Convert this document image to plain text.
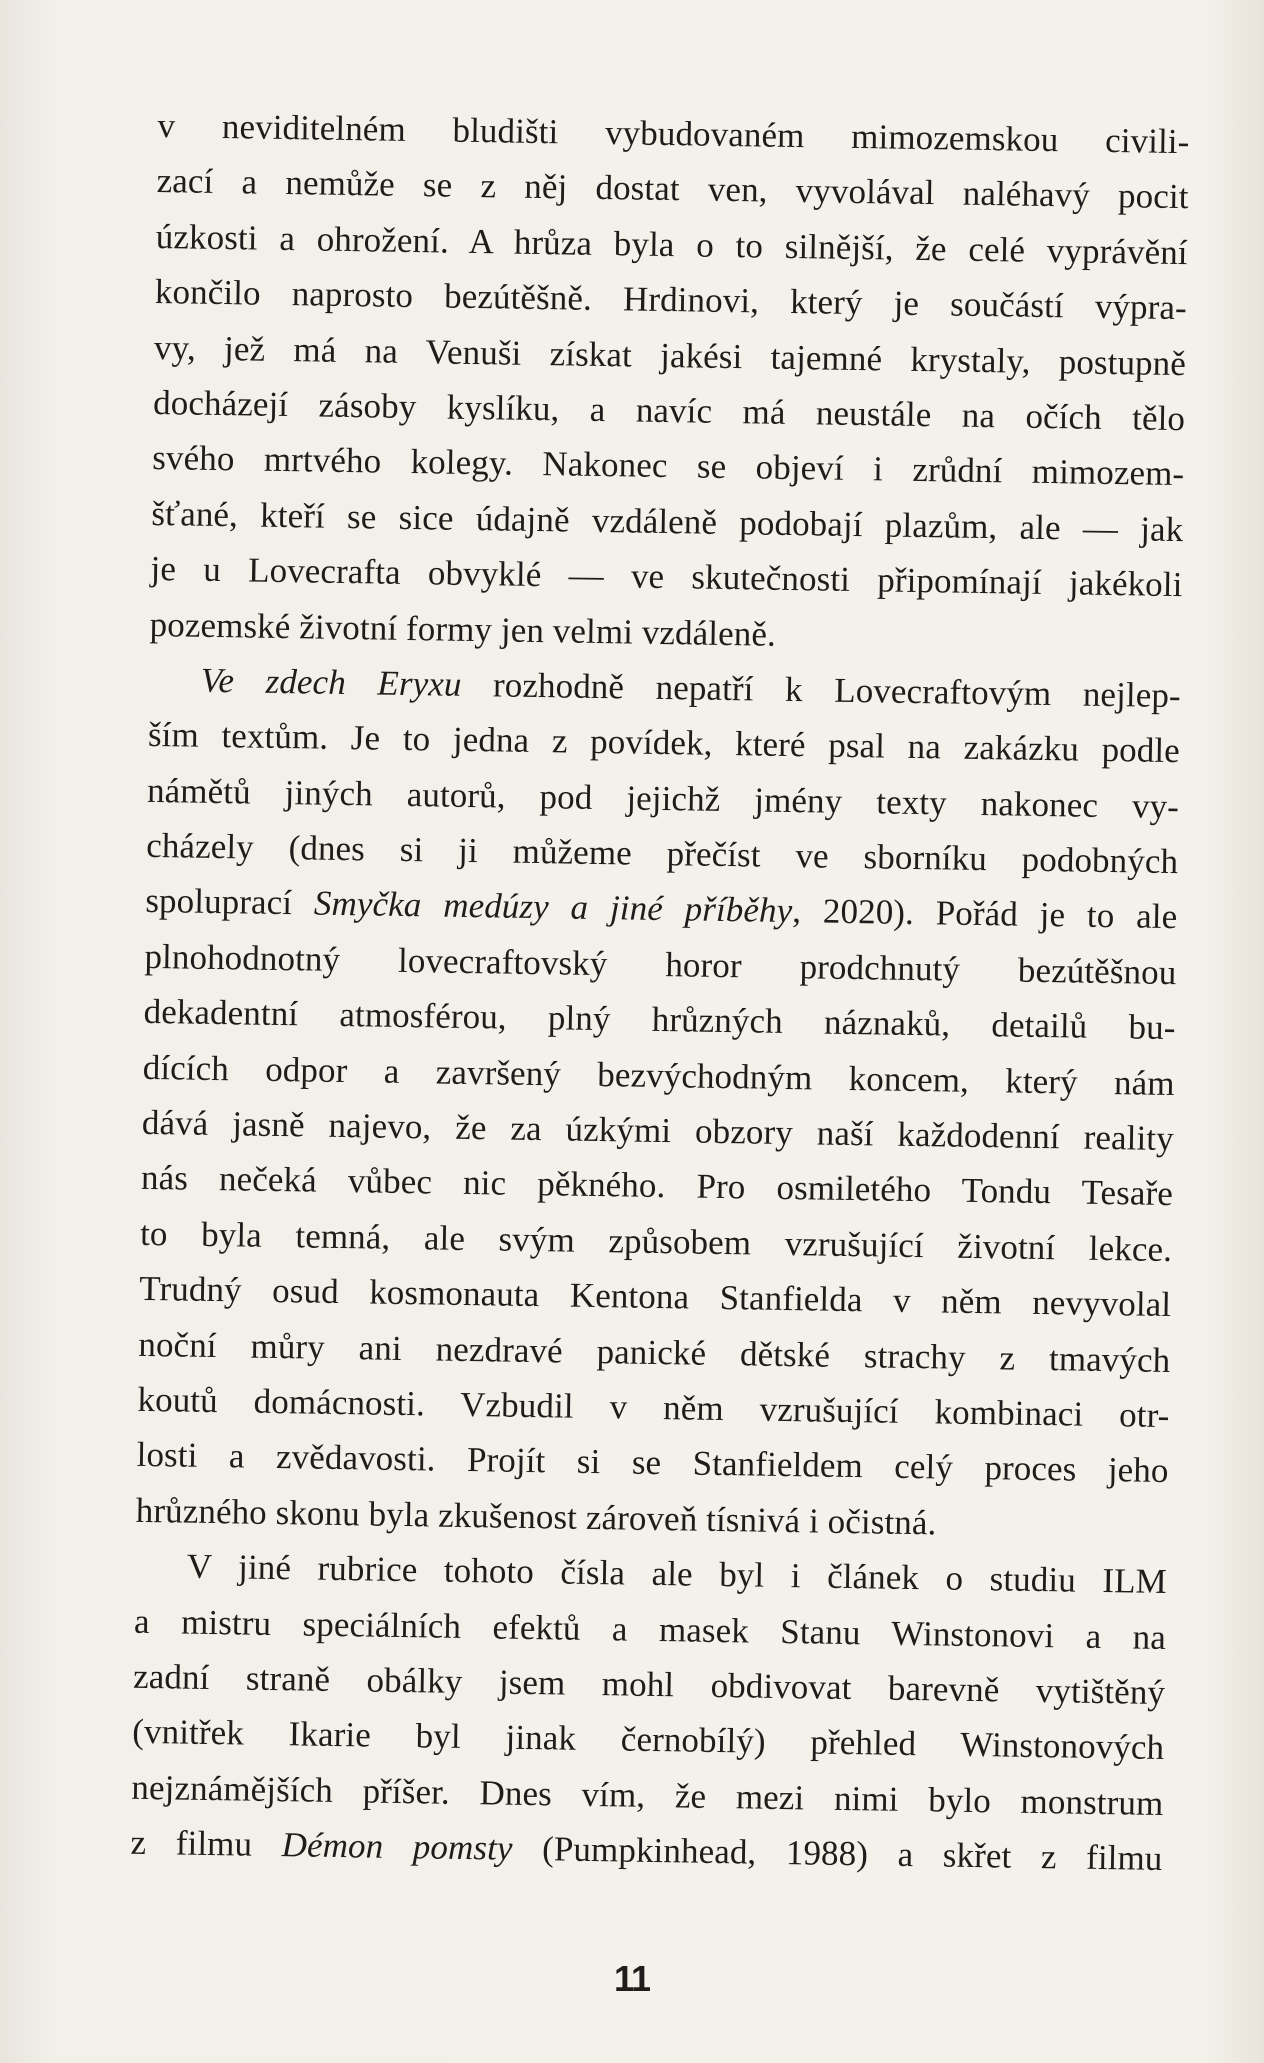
v neviditelném bludišti vybudovaném mimozemskou civili-
zací a nemůže se z něj dostat ven, vyvolával naléhavý pocit
úzkosti a ohrožení. A hrůza byla o to silnější, že celé vyprávění
končilo naprosto bezútěšně. Hrdinovi, který je součástí výpra-
vy, jež má na Venuši získat jakési tajemné krystaly, postupně
docházejí zásoby kyslíku, a navíc má neustále na očích tělo
svého mrtvého kolegy. Nakonec se objeví i zrůdní mimozem-
šťané, kteří se sice údajně vzdáleně podobají plazům, ale — jak
je u Lovecrafta obvyklé — ve skutečnosti připomínají jakékoli
pozemské životní formy jen velmi vzdáleně.
Ve zdech Eryxu rozhodně nepatří k Lovecraftovým nejlep-
ším textům. Je to jedna z povídek, které psal na zakázku podle
námětů jiných autorů, pod jejichž jmény texty nakonec vy-
cházely (dnes si ji můžeme přečíst ve sborníku podobných
spoluprací Smyčka medúzy a jiné příběhy, 2020). Pořád je to ale
plnohodnotný lovecraftovský horor prodchnutý bezútěšnou
dekadentní atmosférou, plný hrůzných náznaků, detailů bu-
dících odpor a završený bezvýchodným koncem, který nám
dává jasně najevo, že za úzkými obzory naší každodenní reality
nás nečeká vůbec nic pěkného. Pro osmiletého Tondu Tesaře
to byla temná, ale svým způsobem vzrušující životní lekce.
Trudný osud kosmonauta Kentona Stanfielda v něm nevyvolal
noční můry ani nezdravé panické dětské strachy z tmavých
koutů domácnosti. Vzbudil v něm vzrušující kombinaci otr-
losti a zvědavosti. Projít si se Stanfieldem celý proces jeho
hrůzného skonu byla zkušenost zároveň tísnivá i očistná.
V jiné rubrice tohoto čísla ale byl i článek o studiu ILM
a mistru speciálních efektů a masek Stanu Winstonovi a na
zadní straně obálky jsem mohl obdivovat barevně vytištěný
(vnitřek Ikarie byl jinak černobílý) přehled Winstonových
nejznámějších příšer. Dnes vím, že mezi nimi bylo monstrum
z filmu Démon pomsty (Pumpkinhead, 1988) a skřet z filmu
11
